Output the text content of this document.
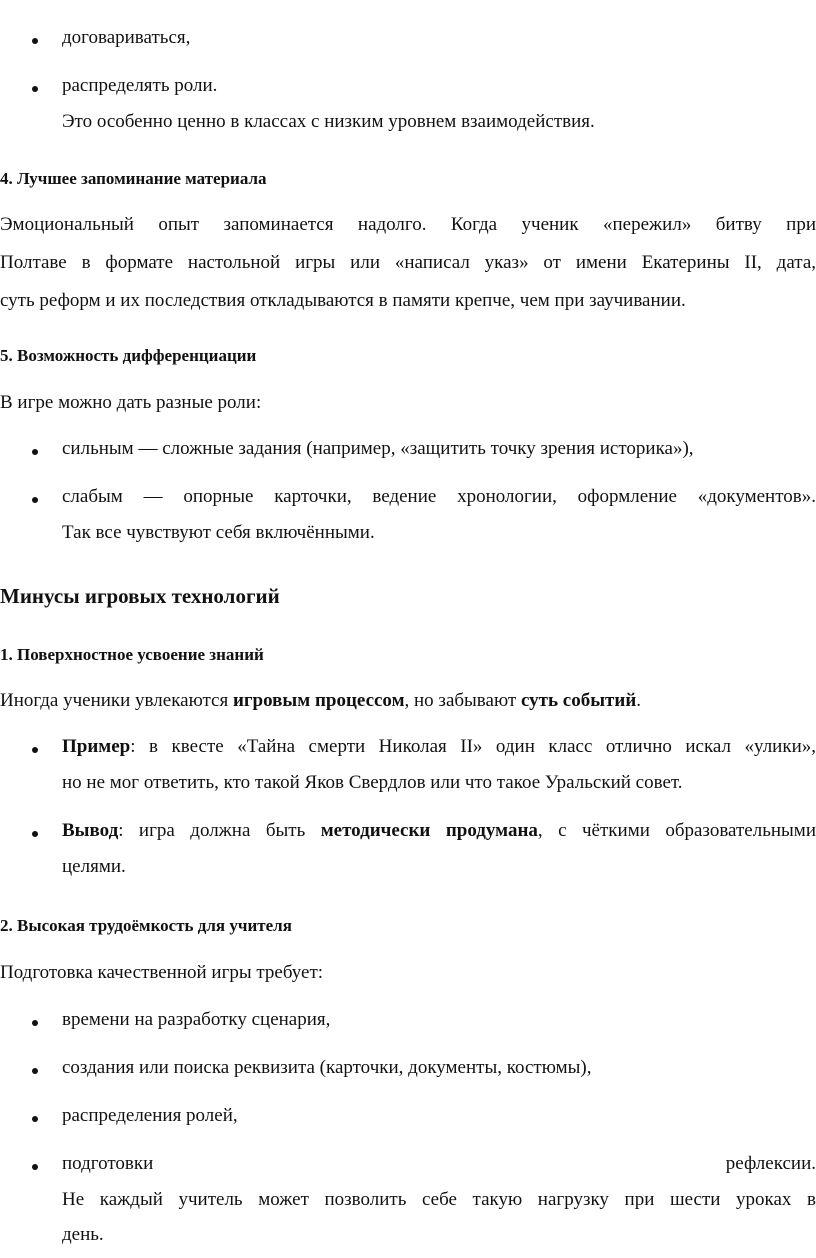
договариваться,
распределять роли.
Это особенно ценно в классах с низким уровнем взаимодействия.
4. Лучшее запоминание материала
Эмоциональный опыт запоминается надолго. Когда ученик «пережил» битву при
Полтаве в формате настольной игры или «написал указ» от имени Екатерины II, дата,
суть реформ и их последствия откладываются в памяти крепче, чем при заучивании.
5. Возможность дифференциации
В игре можно дать разные роли:
сильным — сложные задания (например, «защитить точку зрения историка»),
слабым — опорные карточки, ведение хронологии, оформление «документов».
Так все чувствуют себя включёнными.
Минусы игровых технологий
1. Поверхностное усвоение знаний
Иногда ученики увлекаются игровым процессом, но забывают суть событий.
Пример: в квесте «Тайна смерти Николая II» один класс отлично искал «улики»,
но не мог ответить, кто такой Яков Свердлов или что такое Уральский совет.
Вывод: игра должна быть методически продумана, с чёткими образовательными
целями.
2. Высокая трудоёмкость для учителя
Подготовка качественной игры требует:
времени на разработку сценария,
создания или поиска реквизита (карточки, документы, костюмы),
распределения ролей,
подготовки рефлексии.
Не каждый учитель может позволить себе такую нагрузку при шести уроках в
день.
